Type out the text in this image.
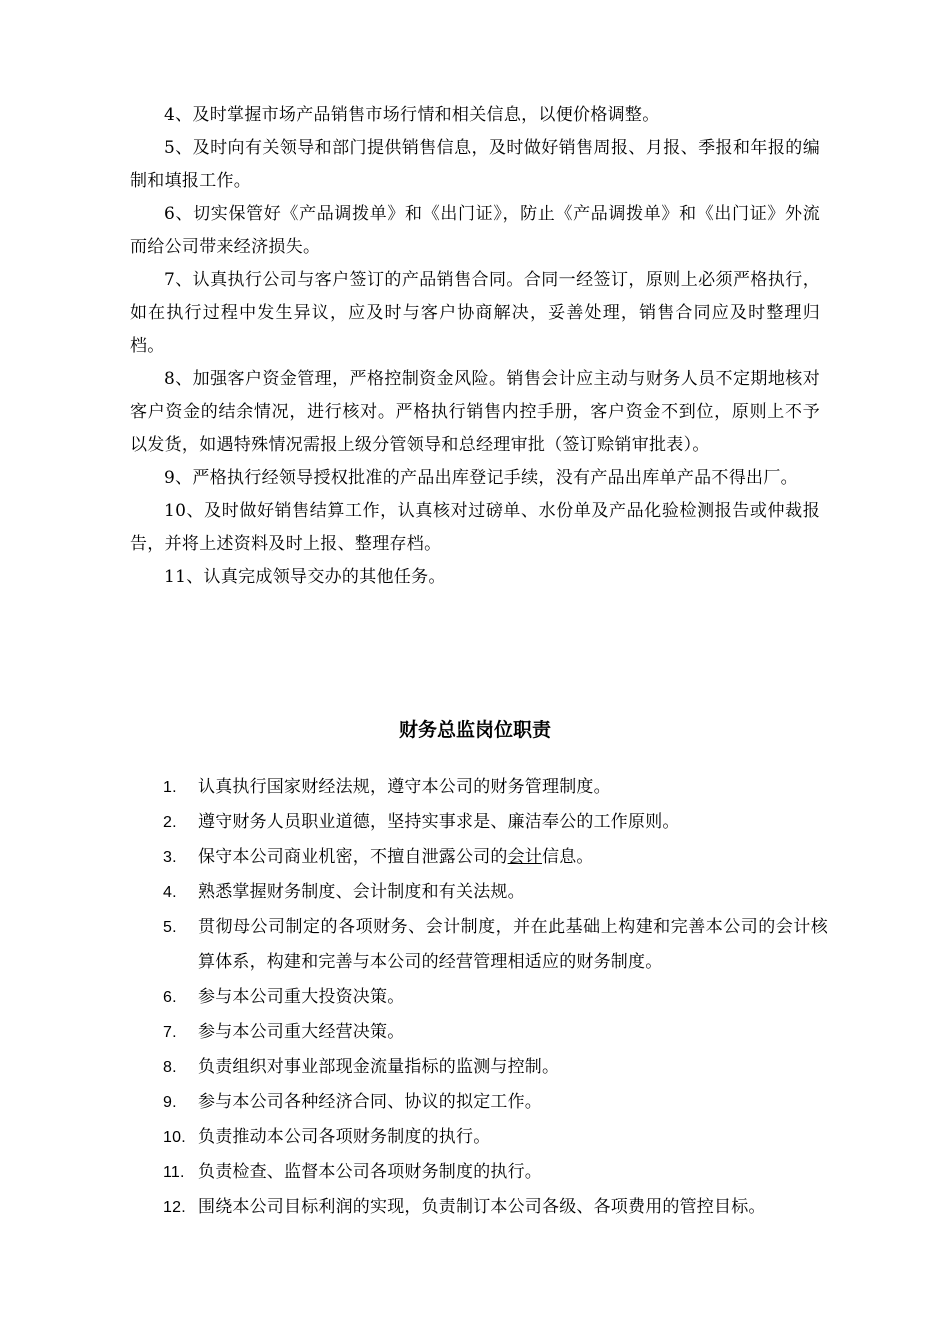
4、及时掌握市场产品销售市场行情和相关信息，以便价格调整。

5、及时向有关领导和部门提供销售信息，及时做好销售周报、月报、季报和年报的编制和填报工作。

6、切实保管好《产品调拨单》和《出门证》，防止《产品调拨单》和《出门证》外流而给公司带来经济损失。

7、认真执行公司与客户签订的产品销售合同。合同一经签订，原则上必须严格执行，如在执行过程中发生异议，应及时与客户协商解决，妥善处理，销售合同应及时整理归档。

8、加强客户资金管理，严格控制资金风险。销售会计应主动与财务人员不定期地核对客户资金的结余情况，进行核对。严格执行销售内控手册，客户资金不到位，原则上不予以发货，如遇特殊情况需报上级分管领导和总经理审批（签订赊销审批表）。

9、严格执行经领导授权批准的产品出库登记手续，没有产品出库单产品不得出厂。

10、及时做好销售结算工作，认真核对过磅单、水份单及产品化验检测报告或仲裁报告，并将上述资料及时上报、整理存档。

11、认真完成领导交办的其他任务。

财务总监岗位职责
1.	认真执行国家财经法规，遵守本公司的财务管理制度。
2.	遵守财务人员职业道德，坚持实事求是、廉洁奉公的工作原则。
3.	保守本公司商业机密，不擅自泄露公司的会计信息。
4.	熟悉掌握财务制度、会计制度和有关法规。
5.	贯彻母公司制定的各项财务、会计制度，并在此基础上构建和完善本公司的会计核算体系，构建和完善与本公司的经营管理相适应的财务制度。
6.	参与本公司重大投资决策。
7.	参与本公司重大经营决策。
8.	负责组织对事业部现金流量指标的监测与控制。
9.	参与本公司各种经济合同、协议的拟定工作。
10. 负责推动本公司各项财务制度的执行。
11. 负责检查、监督本公司各项财务制度的执行。
12. 围绕本公司目标利润的实现，负责制订本公司各级、各项费用的管控目标。
